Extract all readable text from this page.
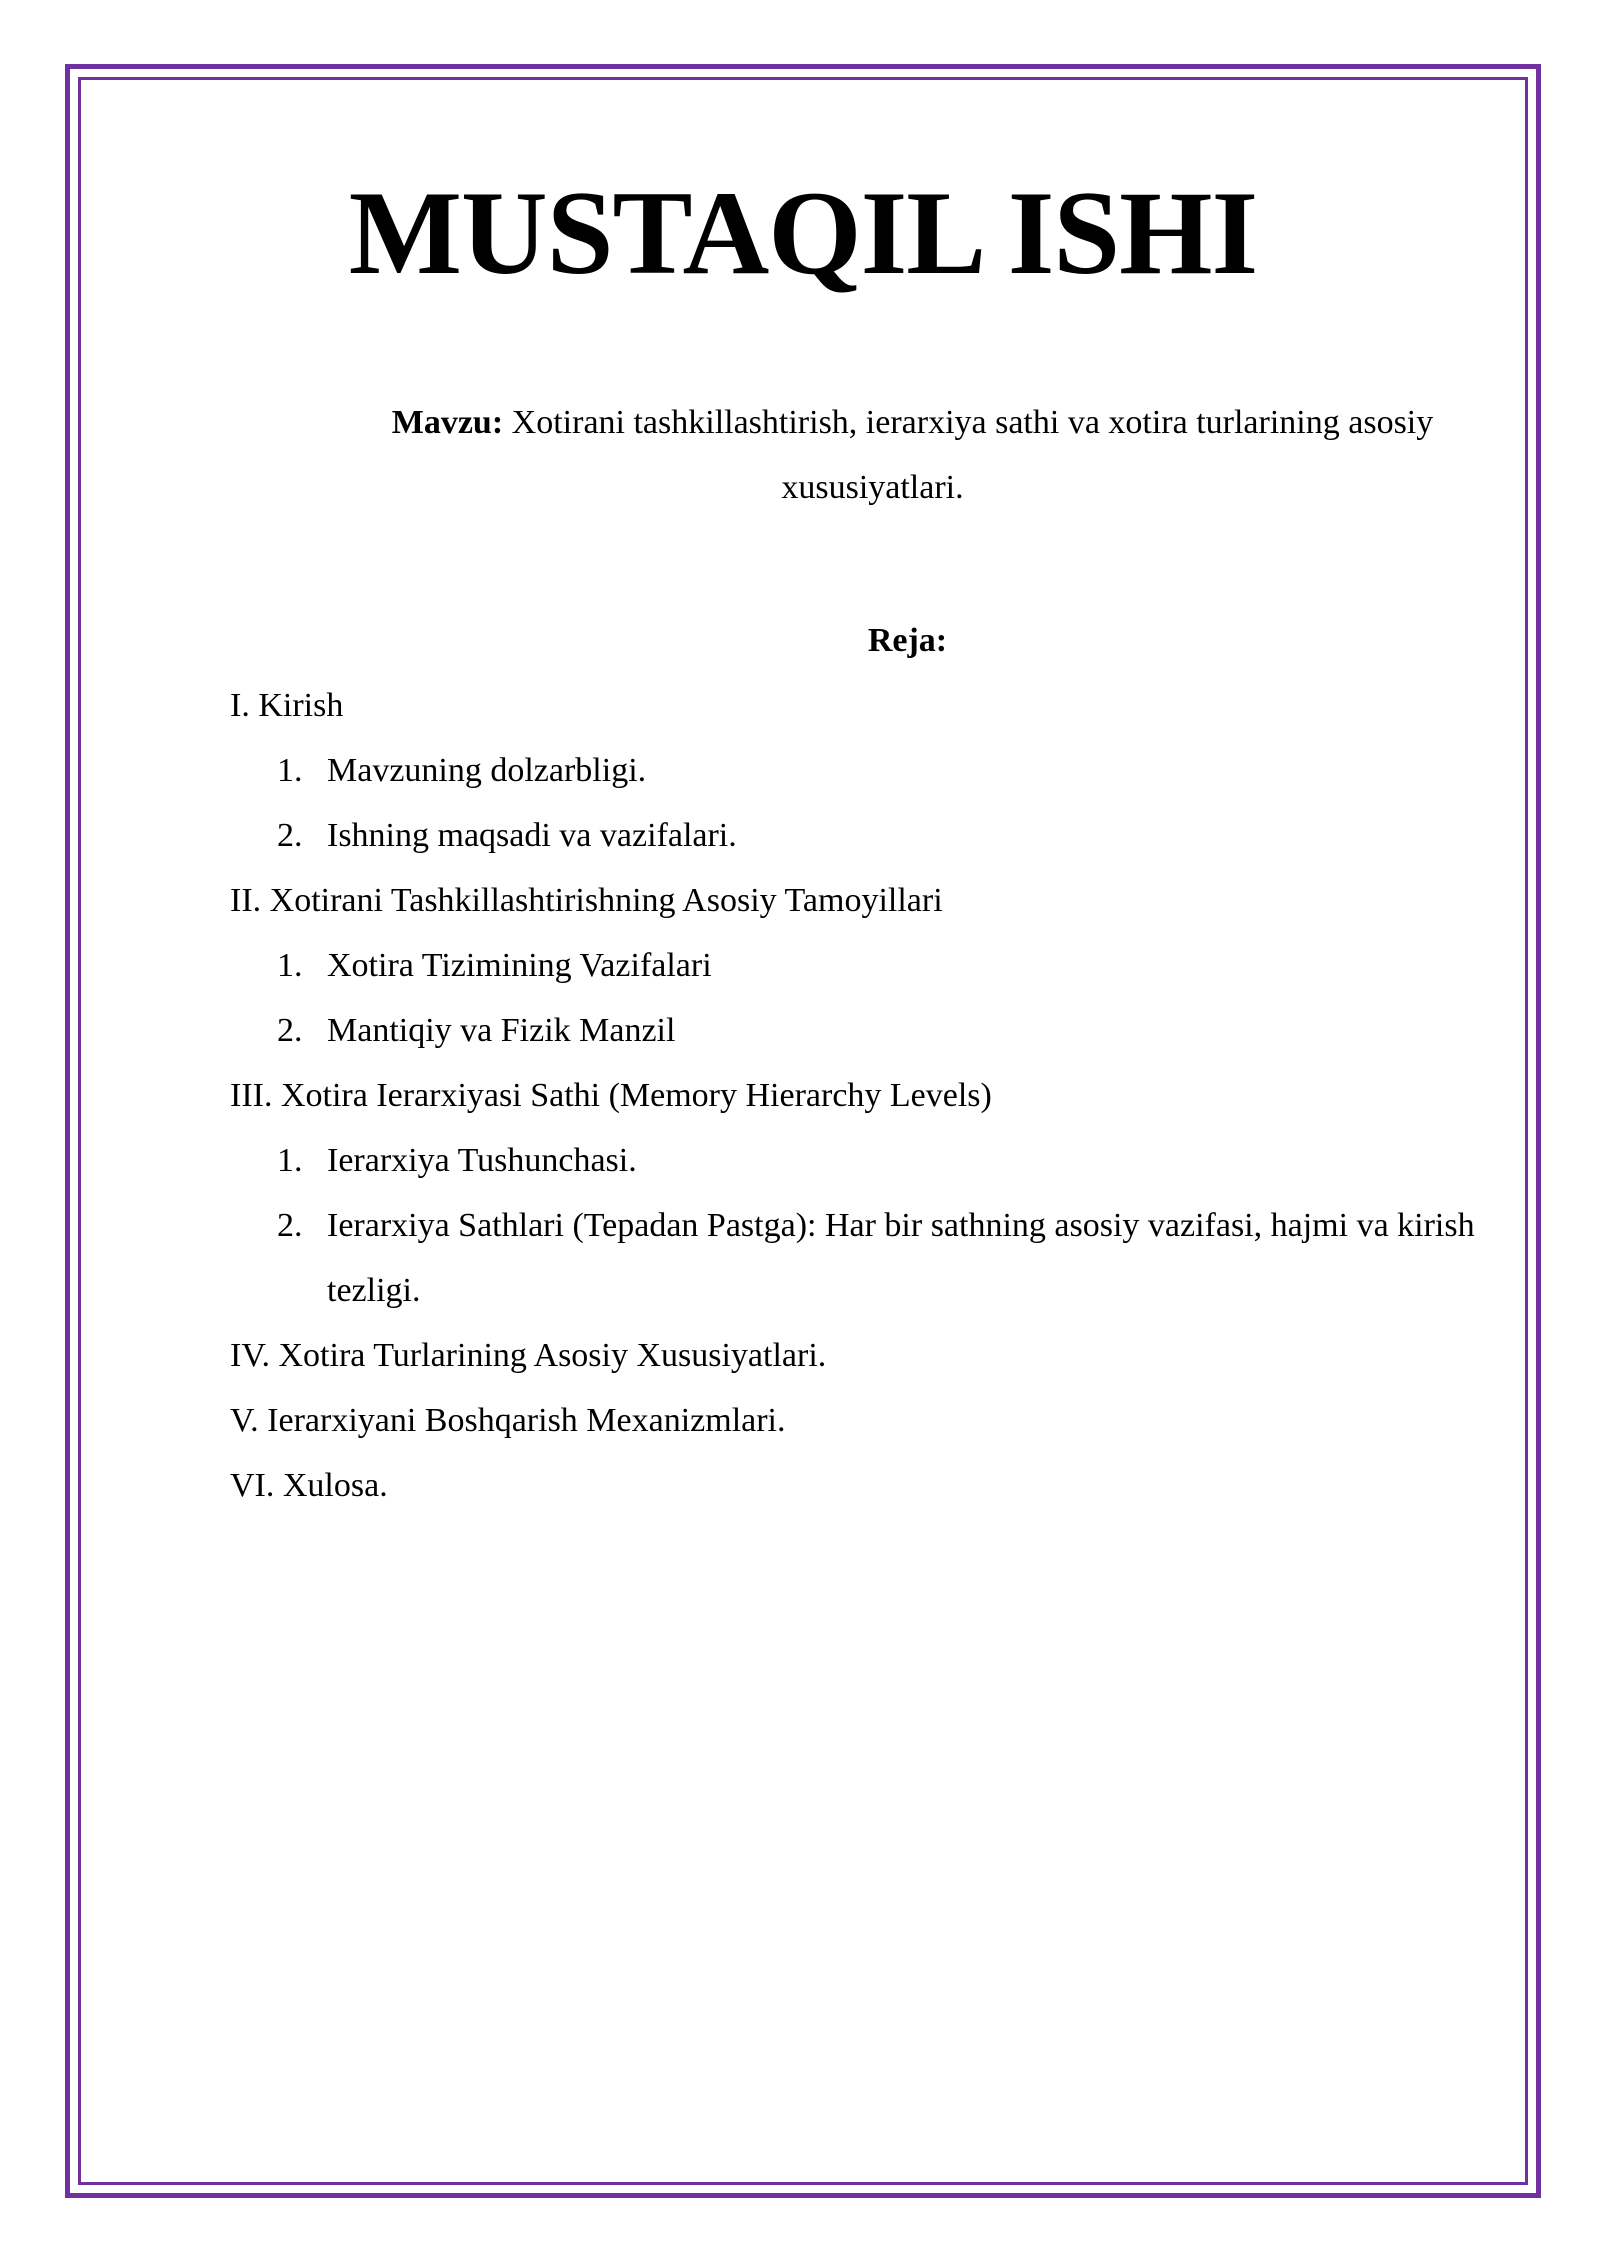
MUSTAQIL ISHI

Mavzu: Xotirani tashkillashtirish, ierarxiya sathi va xotira turlarining asosiy xususiyatlari.

Reja:

I. Kirish
1. Mavzuning dolzarbligi.
2. Ishning maqsadi va vazifalari.
II. Xotirani Tashkillashtirishning Asosiy Tamoyillari
1. Xotira Tizimining Vazifalari
2. Mantiqiy va Fizik Manzil
III. Xotira Ierarxiyasi Sathi (Memory Hierarchy Levels)
1. Ierarxiya Tushunchasi.
2. Ierarxiya Sathlari (Tepadan Pastga): Har bir sathning asosiy vazifasi, hajmi va kirish tezligi.
IV. Xotira Turlarining Asosiy Xususiyatlari.
V. Ierarxiyani Boshqarish Mexanizmlari.
VI. Xulosa.
